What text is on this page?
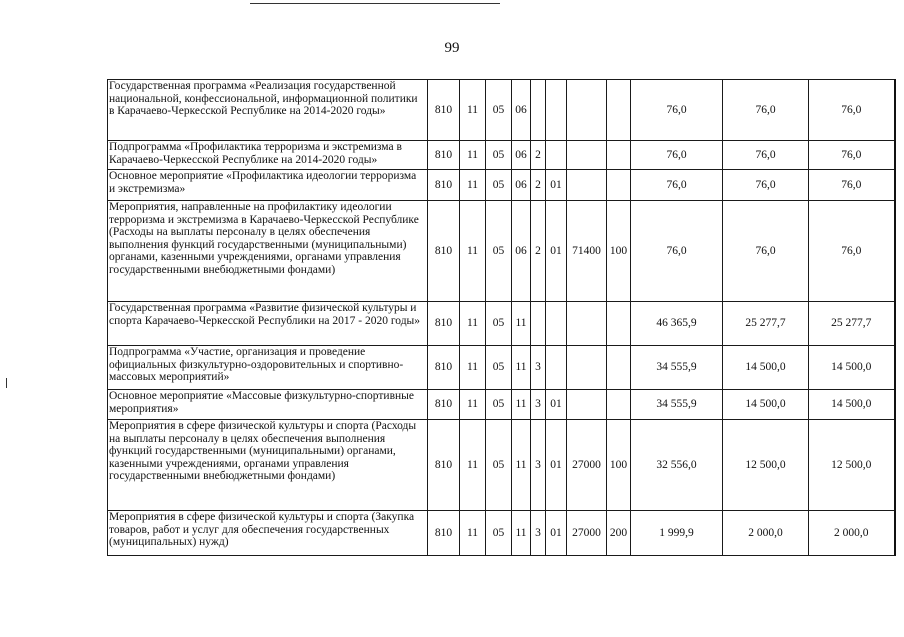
99
Государственная программа «Реализация государственной национальной, конфессиональной, информационной политики в Карачаево-Черкесской Республике на 2014-2020 годы»	810	11	05	06					76,0	76,0	76,0
Подпрограмма «Профилактика терроризма и экстремизма в Карачаево-Черкесской Республике на 2014-2020 годы»	810	11	05	06	2				76,0	76,0	76,0
Основное мероприятие «Профилактика идеологии терроризма и экстремизма»	810	11	05	06	2	01			76,0	76,0	76,0
Мероприятия, направленные на профилактику идеологии терроризма и экстремизма в Карачаево-Черкесской Республике (Расходы на выплаты персоналу в целях обеспечения выполнения функций государственными (муниципальными) органами, казенными учреждениями, органами управления государственными внебюджетными фондами)	810	11	05	06	2	01	71400	100	76,0	76,0	76,0
Государственная программа «Развитие физической культуры и спорта Карачаево-Черкесской Республики на 2017 - 2020 годы»	810	11	05	11					46 365,9	25 277,7	25 277,7
Подпрограмма «Участие, организация и проведение официальных физкультурно-оздоровительных и спортивно-массовых мероприятий»	810	11	05	11	3				34 555,9	14 500,0	14 500,0
Основное мероприятие «Массовые физкультурно-спортивные мероприятия»	810	11	05	11	3	01			34 555,9	14 500,0	14 500,0
Мероприятия в сфере физической культуры и спорта (Расходы на выплаты персоналу в целях обеспечения выполнения функций государственными (муниципальными) органами, казенными учреждениями, органами управления государственными внебюджетными фондами)	810	11	05	11	3	01	27000	100	32 556,0	12 500,0	12 500,0
Мероприятия в сфере физической культуры и спорта (Закупка товаров, работ и услуг для обеспечения государственных (муниципальных) нужд)	810	11	05	11	3	01	27000	200	1 999,9	2 000,0	2 000,0
